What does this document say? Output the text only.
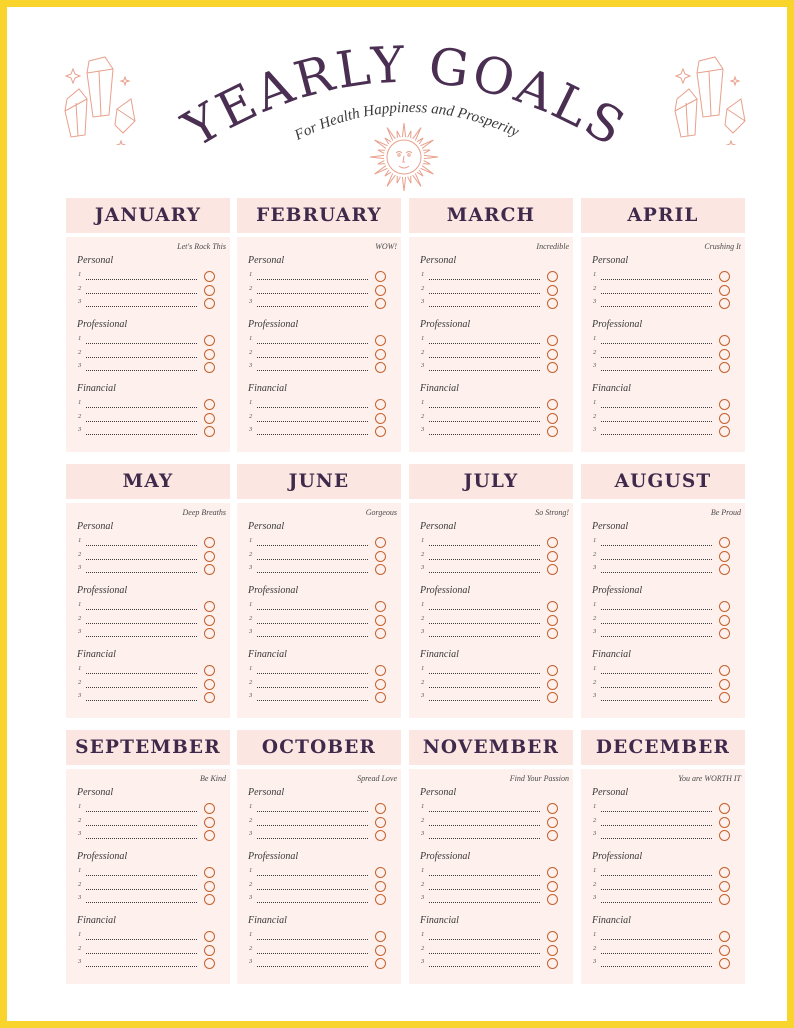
YEARLY GOALS
For Health Happiness and Prosperity
JANUARY
Let's Rock This
Personal
1
2
3
Professional
1
2
3
Financial
1
2
3
FEBRUARY
WOW!
Personal
1
2
3
Professional
1
2
3
Financial
1
2
3
MARCH
Incredible
Personal
1
2
3
Professional
1
2
3
Financial
1
2
3
APRIL
Crushing It
Personal
1
2
3
Professional
1
2
3
Financial
1
2
3
MAY
Deep Breaths
Personal
1
2
3
Professional
1
2
3
Financial
1
2
3
JUNE
Gorgeous
Personal
1
2
3
Professional
1
2
3
Financial
1
2
3
JULY
So Strong!
Personal
1
2
3
Professional
1
2
3
Financial
1
2
3
AUGUST
Be Proud
Personal
1
2
3
Professional
1
2
3
Financial
1
2
3
SEPTEMBER
Be Kind
Personal
1
2
3
Professional
1
2
3
Financial
1
2
3
OCTOBER
Spread Love
Personal
1
2
3
Professional
1
2
3
Financial
1
2
3
NOVEMBER
Find Your Passion
Personal
1
2
3
Professional
1
2
3
Financial
1
2
3
DECEMBER
You are WORTH IT
Personal
1
2
3
Professional
1
2
3
Financial
1
2
3
